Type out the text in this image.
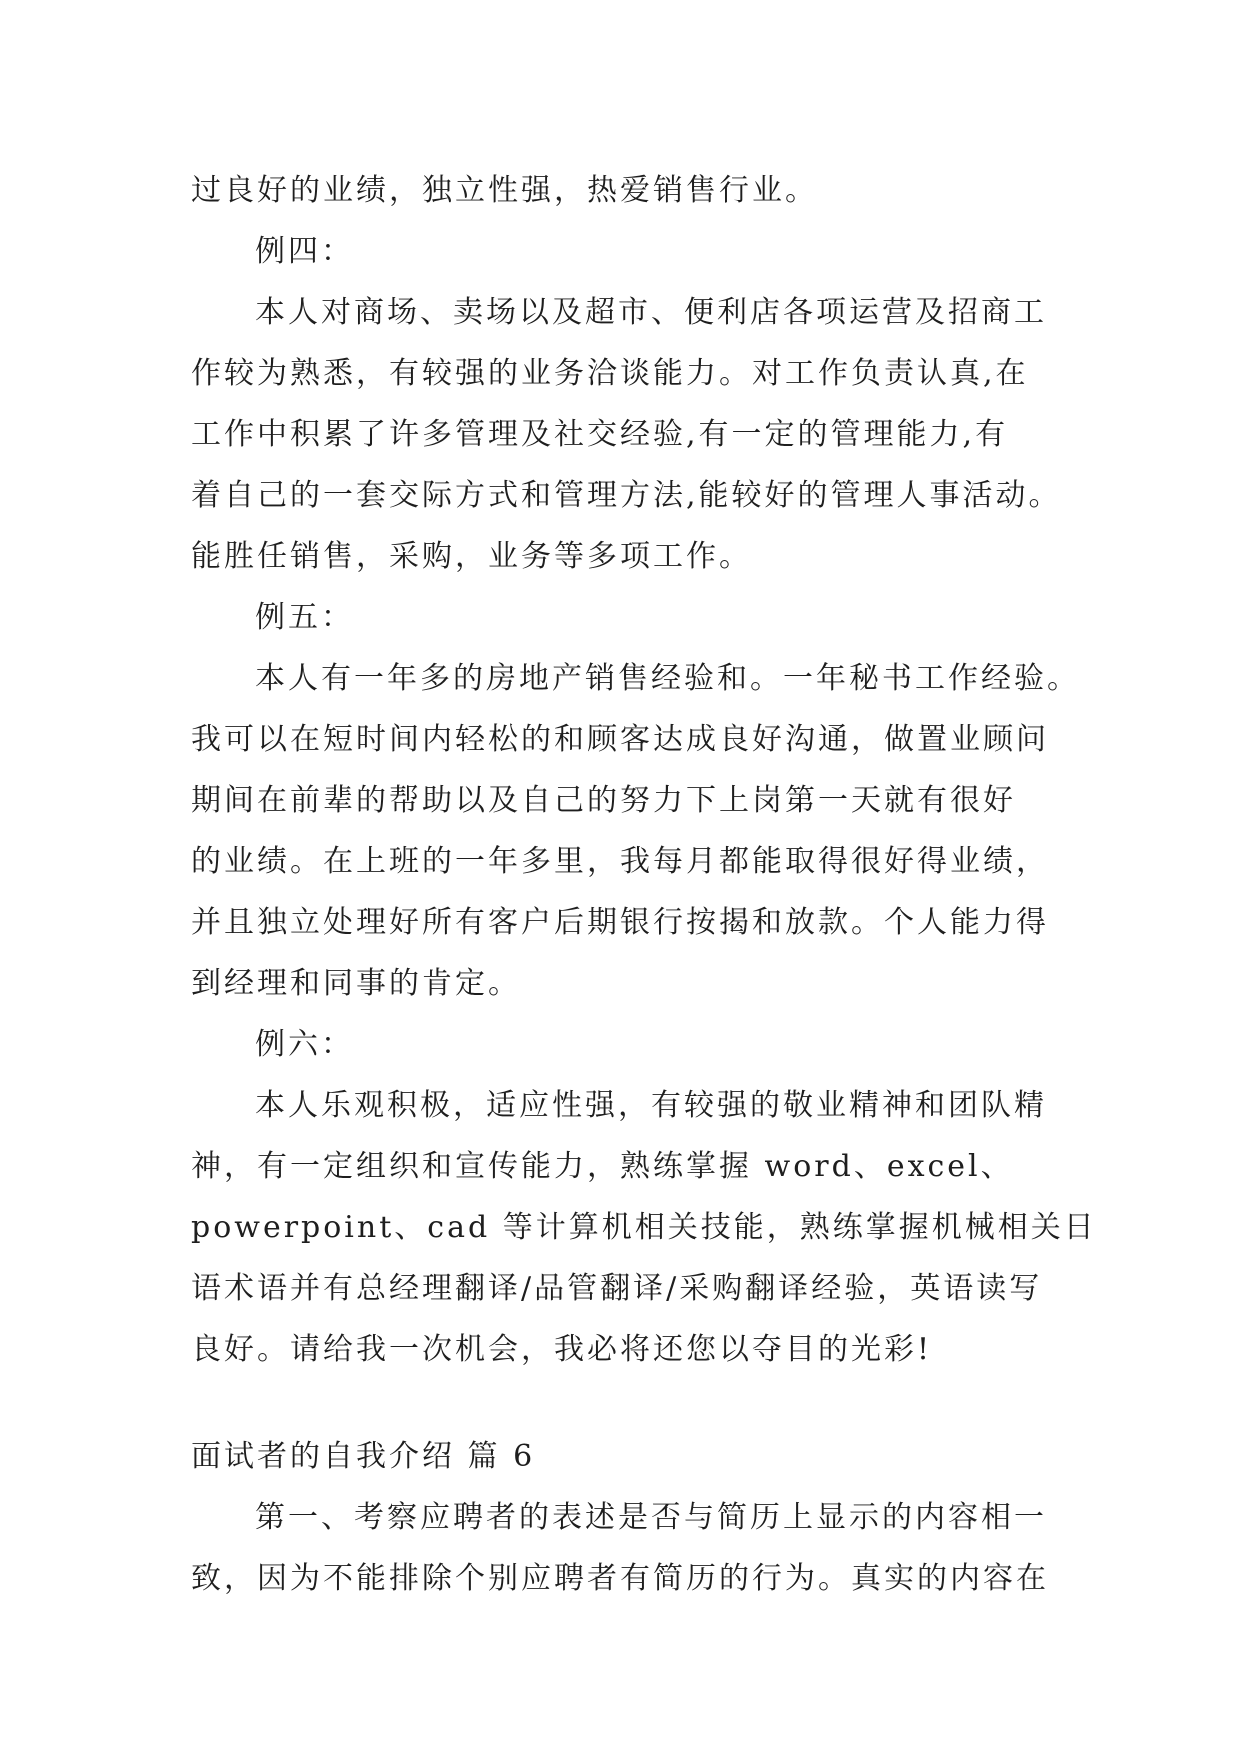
过良好的业绩，独立性强，热爱销售行业。
例四：
本人对商场、卖场以及超市、便利店各项运营及招商工
作较为熟悉，有较强的业务洽谈能力。对工作负责认真,在
工作中积累了许多管理及社交经验,有一定的管理能力,有
着自己的一套交际方式和管理方法,能较好的管理人事活动。
能胜任销售，采购，业务等多项工作。
例五：
本人有一年多的房地产销售经验和。一年秘书工作经验。
我可以在短时间内轻松的和顾客达成良好沟通，做置业顾问
期间在前辈的帮助以及自己的努力下上岗第一天就有很好
的业绩。在上班的一年多里，我每月都能取得很好得业绩，
并且独立处理好所有客户后期银行按揭和放款。个人能力得
到经理和同事的肯定。
例六：
本人乐观积极，适应性强，有较强的敬业精神和团队精
神，有一定组织和宣传能力，熟练掌握 word、excel、
powerpoint、cad 等计算机相关技能，熟练掌握机械相关日
语术语并有总经理翻译/品管翻译/采购翻译经验，英语读写
良好。请给我一次机会，我必将还您以夺目的光彩!
面试者的自我介绍 篇 6
第一、考察应聘者的表述是否与简历上显示的内容相一
致，因为不能排除个别应聘者有简历的行为。真实的内容在
